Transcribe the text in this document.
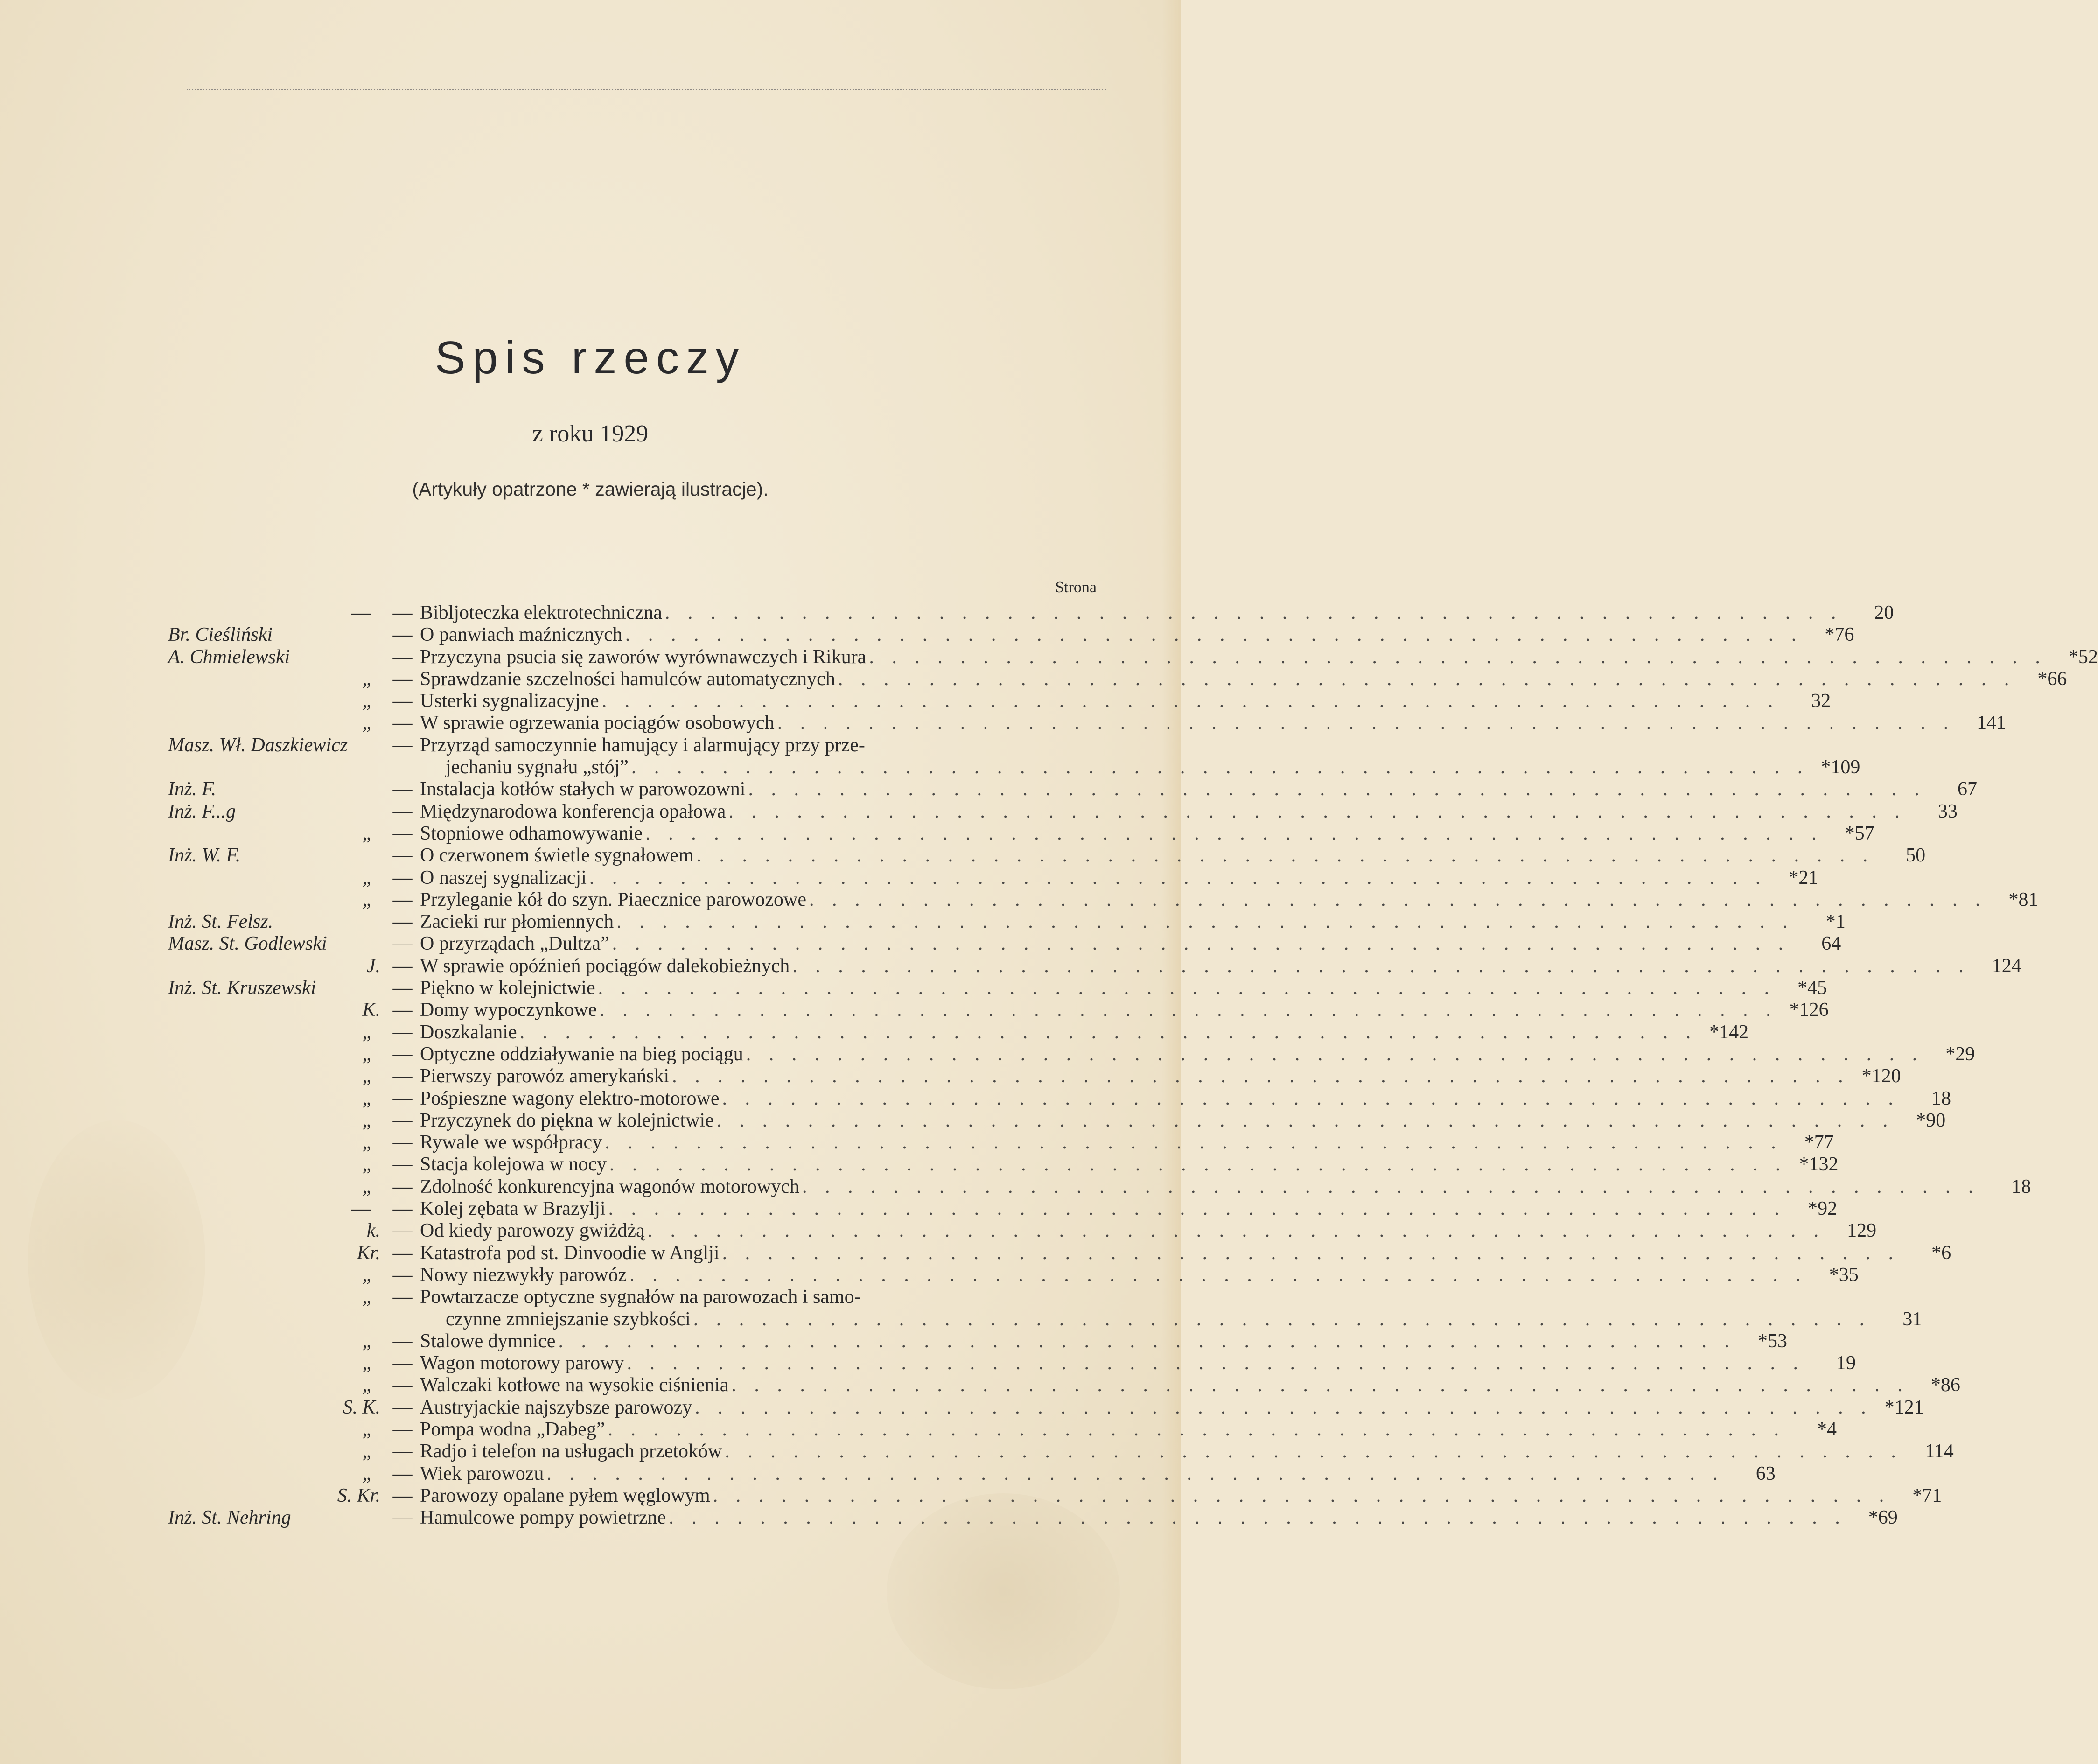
Spis rzeczy
z roku 1929
(Artykuły opatrzone * zawierają ilustracje).
Strona
—	— Bibljoteczka elektrotechniczna . . .	20
Br. Cieśliński	— O panwiach maźnicznych . . .	*76
A. Chmielewski	— Przyczyna psucia się zaworów wyrównawczych i Rikura . . .	*52
„	— Sprawdzanie szczelności hamulców automatycznych . . .	*66
„	— Usterki sygnalizacyjne . . .	32
„	— W sprawie ogrzewania pociągów osobowych . . .	141
Masz. Wł. Daszkiewicz	— Przyrząd samoczynnie hamujący i alarmujący przy prze-
jechaniu sygnału „stój” . . .	*109
Inż. F.	— Instalacja kotłów stałych w parowozowni . . .	67
Inż. F...g	— Międzynarodowa konferencja opałowa . . .	33
„	— Stopniowe odhamowywanie . . .	*57
Inż. W. F.	— O czerwonem świetle sygnałowem . . .	50
„	— O naszej sygnalizacji . . .	*21
„	— Przyleganie kół do szyn. Piaecznice parowozowe . . .	*81
Inż. St. Felsz.	— Zacieki rur płomiennych . . .	*1
Masz. St. Godlewski	— O przyrządach „Dultza” . . .	64
J. — W sprawie opóźnień pociągów dalekobieżnych . . .	124
Inż. St. Kruszewski	— Piękno w kolejnictwie . . .	*45
K. — Domy wypoczynkowe . . .	*126
„	— Doszkalanie . . .	*142
„	— Optyczne oddziaływanie na bieg pociągu . . .	*29
„	— Pierwszy parowóz amerykański . . .	*120
„	— Pośpieszne wagony elektro-motorowe . . .	18
„	— Przyczynek do piękna w kolejnictwie . . .	*90
„	— Rywale we współpracy . . .	*77
„	— Stacja kolejowa w nocy . . .	*132
„	— Zdolność konkurencyjna wagonów motorowych . . .	18
—	— Kolej zębata w Brazylji . . .	*92
k. — Od kiedy parowozy gwiżdżą . . .	129
Kr. — Katastrofa pod st. Dinvoodie w Anglji . . .	*6
„	— Nowy niezwykły parowóz . . .	*35
„	— Powtarzacze optyczne sygnałów na parowozach i samo-
czynne zmniejszanie szybkości . . .	31
„	— Stalowe dymnice . . .	*53
„	— Wagon motorowy parowy . . .	19
„	— Walczaki kotłowe na wysokie ciśnienia . . .	*86
S. K. — Austryjackie najszybsze parowozy . . .	*121
„	— Pompa wodna „Dabeg” . . .	*4
„	— Radjo i telefon na usługach przetoków . . .	114
„	— Wiek parowozu . . .	63
S. Kr. — Parowozy opalane pyłem węglowym . . .	*71
Inż. St. Nehring	— Hamulcowe pompy powietrzne . . .	*69
